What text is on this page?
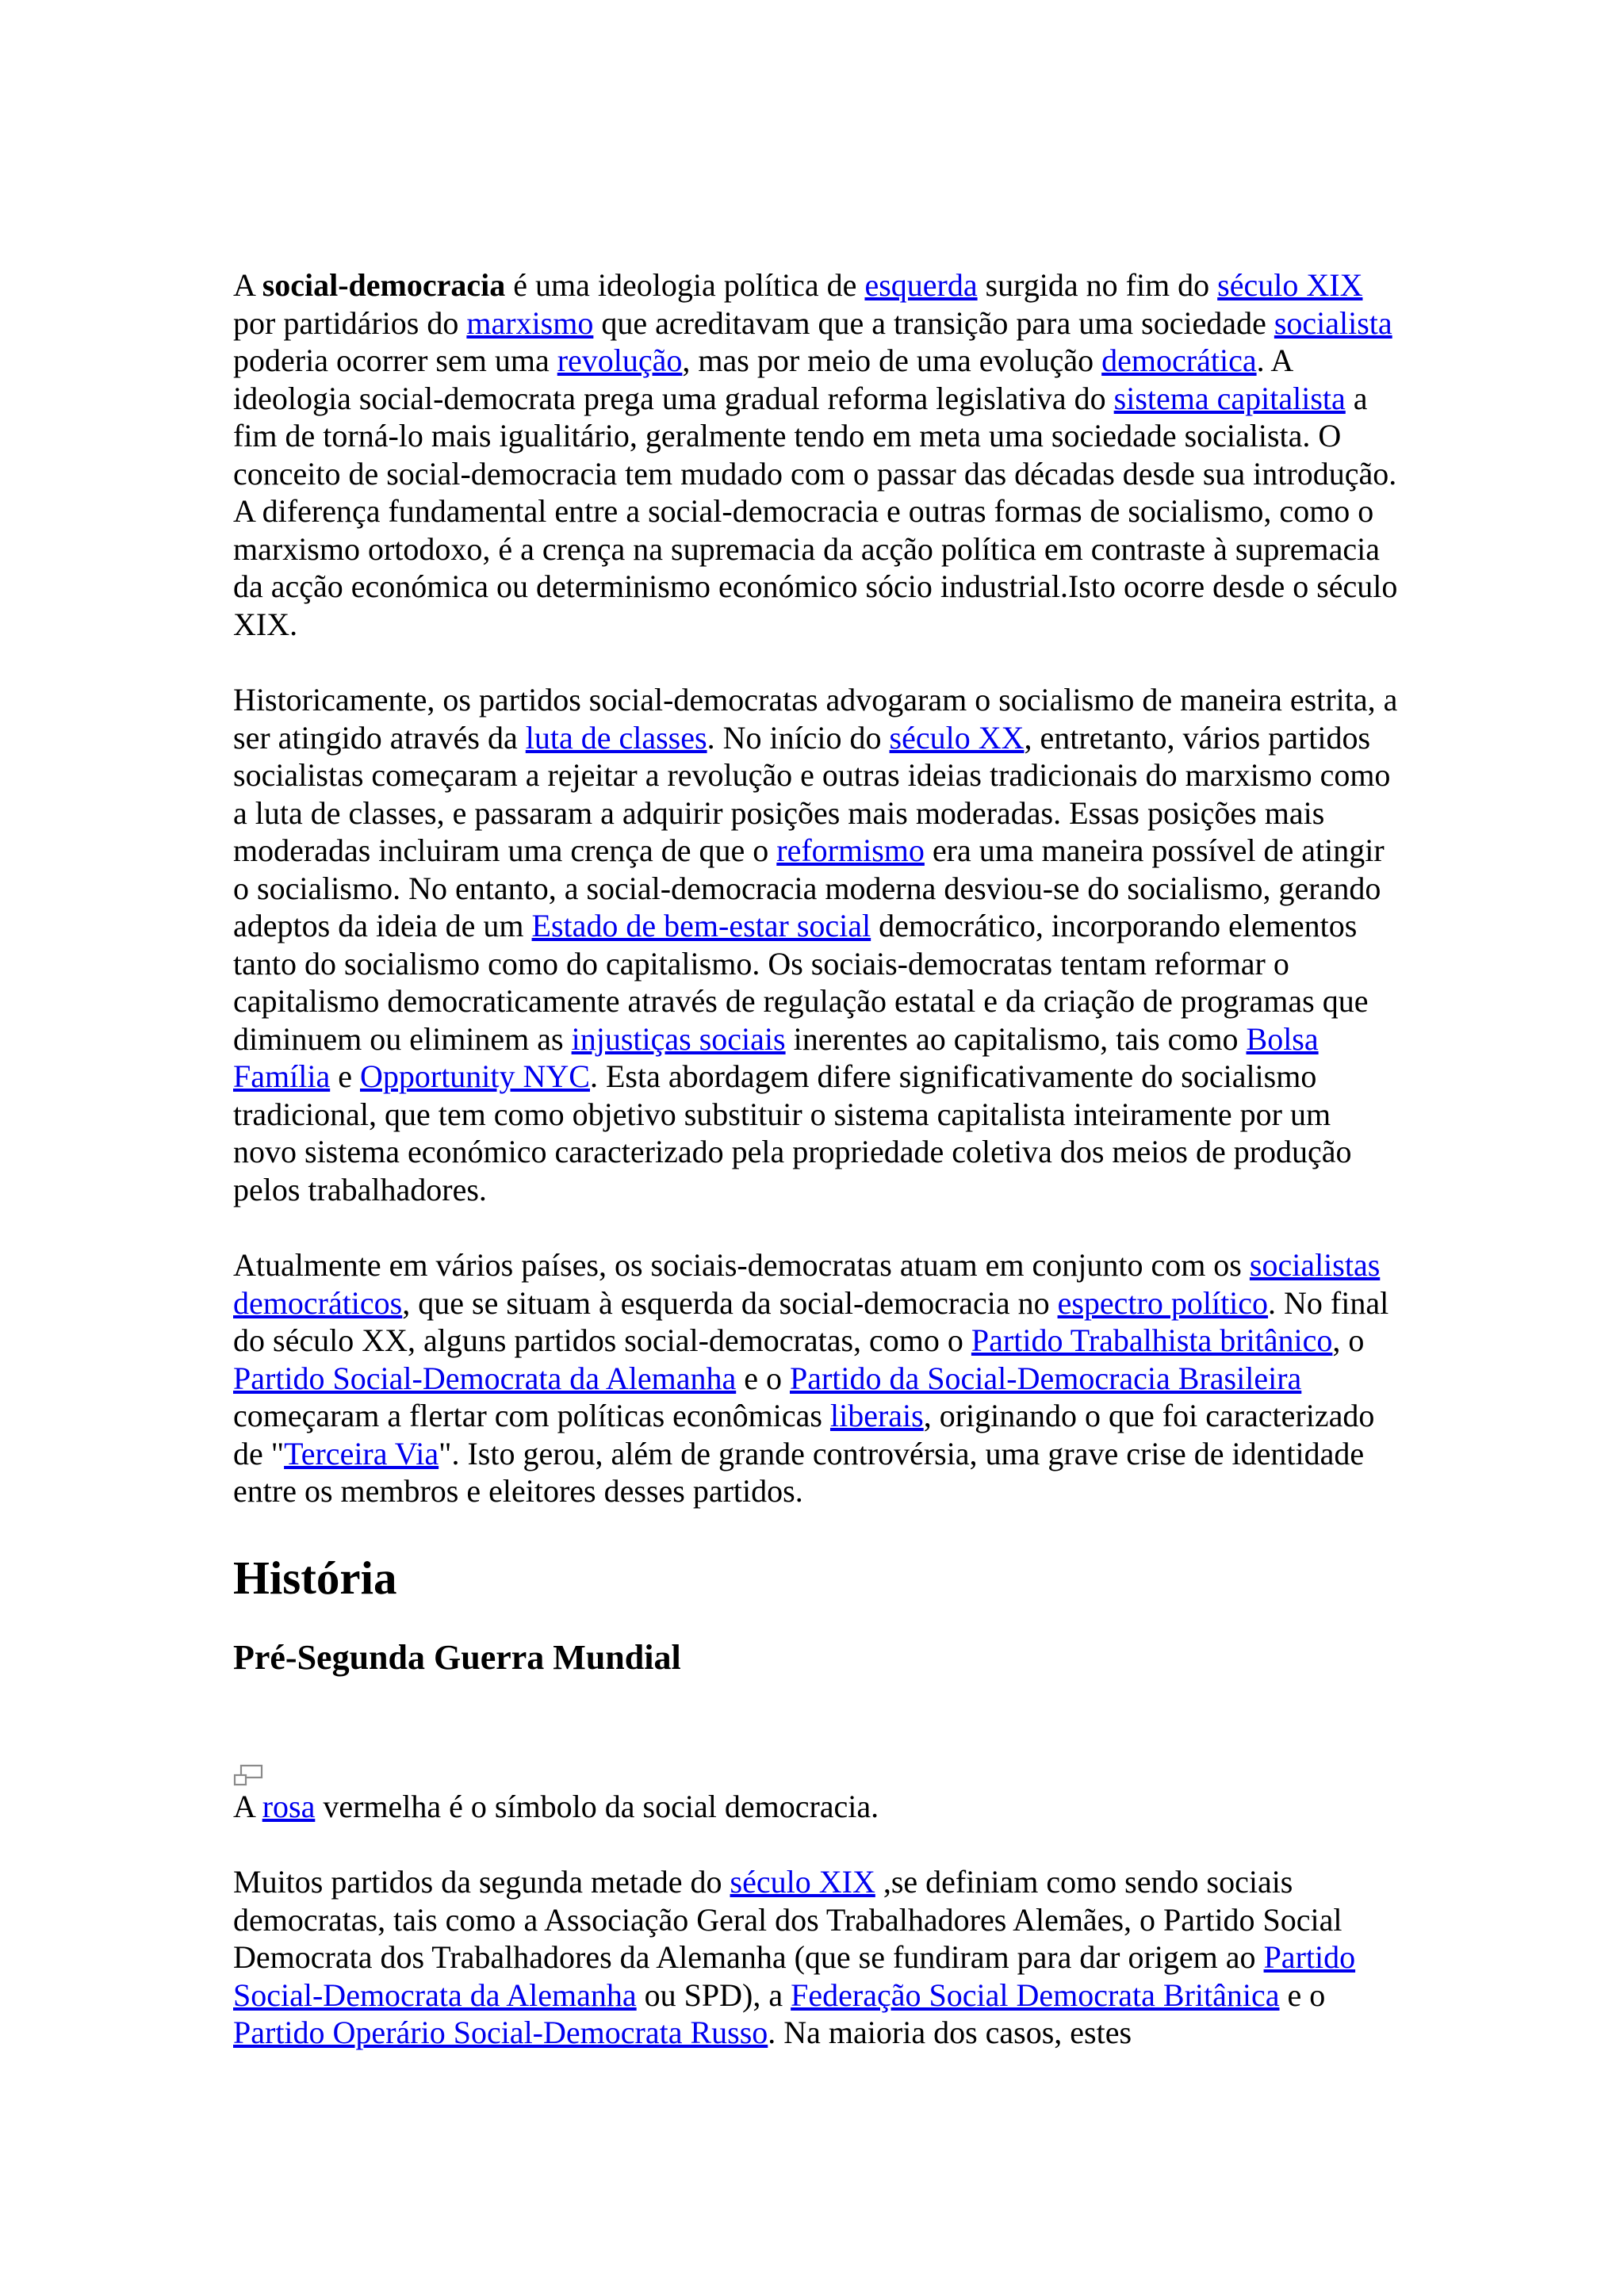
A social-democracia é uma ideologia política de esquerda surgida no fim do século XIX por partidários do marxismo que acreditavam que a transição para uma sociedade socialista poderia ocorrer sem uma revolução, mas por meio de uma evolução democrática. A ideologia social-democrata prega uma gradual reforma legislativa do sistema capitalista a fim de torná-lo mais igualitário, geralmente tendo em meta uma sociedade socialista. O conceito de social-democracia tem mudado com o passar das décadas desde sua introdução. A diferença fundamental entre a social-democracia e outras formas de socialismo, como o marxismo ortodoxo, é a crença na supremacia da acção política em contraste à supremacia da acção económica ou determinismo económico sócio industrial.Isto ocorre desde o século XIX.

Historicamente, os partidos social-democratas advogaram o socialismo de maneira estrita, a ser atingido através da luta de classes. No início do século XX, entretanto, vários partidos socialistas começaram a rejeitar a revolução e outras ideias tradicionais do marxismo como a luta de classes, e passaram a adquirir posições mais moderadas. Essas posições mais moderadas incluiram uma crença de que o reformismo era uma maneira possível de atingir o socialismo. No entanto, a social-democracia moderna desviou-se do socialismo, gerando adeptos da ideia de um Estado de bem-estar social democrático, incorporando elementos tanto do socialismo como do capitalismo. Os sociais-democratas tentam reformar o capitalismo democraticamente através de regulação estatal e da criação de programas que diminuem ou eliminem as injustiças sociais inerentes ao capitalismo, tais como Bolsa Família e Opportunity NYC. Esta abordagem difere significativamente do socialismo tradicional, que tem como objetivo substituir o sistema capitalista inteiramente por um novo sistema económico caracterizado pela propriedade coletiva dos meios de produção pelos trabalhadores.

Atualmente em vários países, os sociais-democratas atuam em conjunto com os socialistas democráticos, que se situam à esquerda da social-democracia no espectro político. No final do século XX, alguns partidos social-democratas, como o Partido Trabalhista britânico, o Partido Social-Democrata da Alemanha e o Partido da Social-Democracia Brasileira começaram a flertar com políticas econômicas liberais, originando o que foi caracterizado de "Terceira Via". Isto gerou, além de grande controvérsia, uma grave crise de identidade entre os membros e eleitores desses partidos.

História
Pré-Segunda Guerra Mundial

A rosa vermelha é o símbolo da social democracia.

Muitos partidos da segunda metade do século XIX ,se definiam como sendo sociais democratas, tais como a Associação Geral dos Trabalhadores Alemães, o Partido Social Democrata dos Trabalhadores da Alemanha (que se fundiram para dar origem ao Partido Social-Democrata da Alemanha ou SPD), a Federação Social Democrata Britânica e o Partido Operário Social-Democrata Russo. Na maioria dos casos, estes
